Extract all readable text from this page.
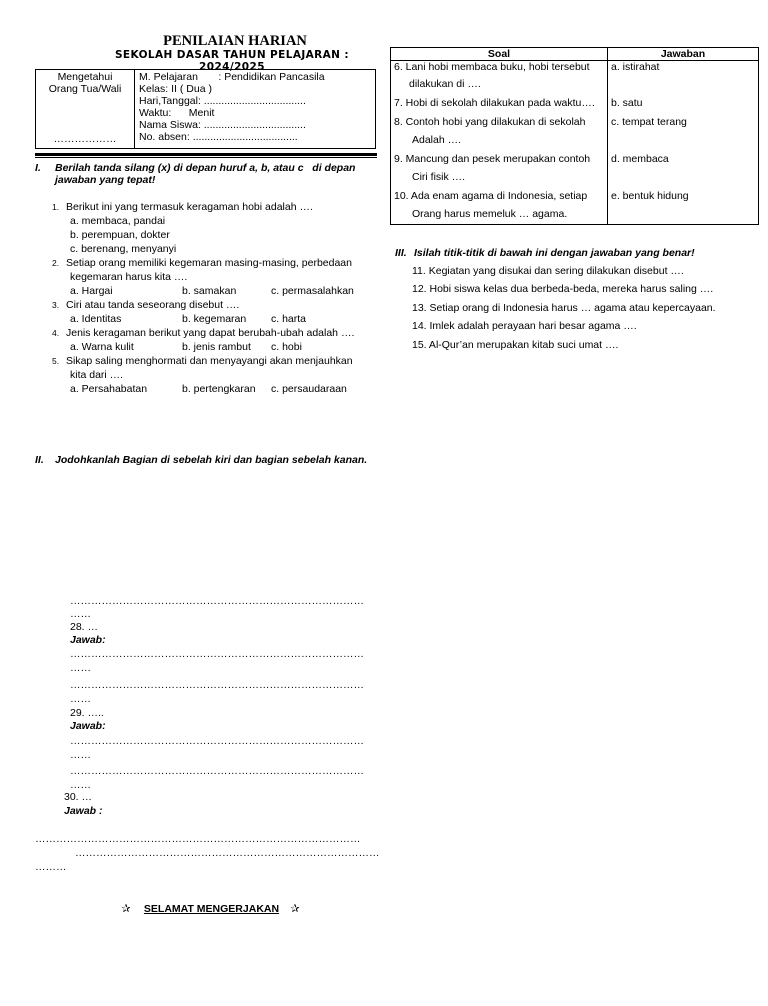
PENILAIAN HARIAN
SEKOLAH DASAR TAHUN PELAJARAN : 2024/2025
Mengetahui
Orang Tua/Wali
………………

M. Pelajaran       : Pendidikan Pancasila
Kelas: II ( Dua )
Hari,Tanggal: ...................................
Waktu:      Menit
Nama Siswa: ...................................
No. absen: ....................................
I. Berilah tanda silang (x) di depan huruf a, b, atau c   di depan
jawaban yang tepat!
1. Berikut ini yang termasuk keragaman hobi adalah ….
a. membaca, pandai
b. perempuan, dokter
c. berenang, menyanyi
2. Setiap orang memiliki kegemaran masing-masing, perbedaan
kegemaran harus kita ….
a. Hargai	b. samakan	c. permasalahkan
3. Ciri atau tanda seseorang disebut ….
a. Identitas	b. kegemaran c. harta
4. Jenis keragaman berikut yang dapat berubah-ubah adalah ….
a. Warna kulit	b. jenis rambut c. hobi
5. Sikap saling menghormati dan menyayangi akan menjauhkan
kita dari ….
a. Persahabatan	b. pertengkaran c. persaudaraan
II. Jodohkanlah Bagian di sebelah kiri dan bagian sebelah kanan.
…………………………………………………………………………
……
28. …
Jawab:
…………………………………………………………………………
……
…………………………………………………………………………
……
29. …..
Jawab:
…………………………………………………………………………
……
…………………………………………………………………………
……
30. …
Jawab :
…………………………………………………………………………………
……………………………………………………………………………
………
✰ SELAMAT MENGERJAKAN ✰
Soal	Jawaban

6. Lani hobi membaca buku, hobi tersebut
dilakukan di ….	a. istirahat
7. Hobi di sekolah dilakukan pada waktu….	b. satu

8. Contoh hobi yang dilakukan di sekolah
Adalah ….	c. tempat terang

9. Mancung dan pesek merupakan contoh
Ciri fisik ….	d. membaca

10. Ada enam agama di Indonesia, setiap
Orang harus memeluk … agama.	e. bentuk hidung
III. Isilah titik-titik di bawah ini dengan jawaban yang benar!
11. Kegiatan yang disukai dan sering dilakukan disebut ….
12. Hobi siswa kelas dua berbeda-beda, mereka harus saling ….
13. Setiap orang di Indonesia harus … agama atau kepercayaan.
14. Imlek adalah perayaan hari besar agama ….
15. Al-Qur’an merupakan kitab suci umat ….
